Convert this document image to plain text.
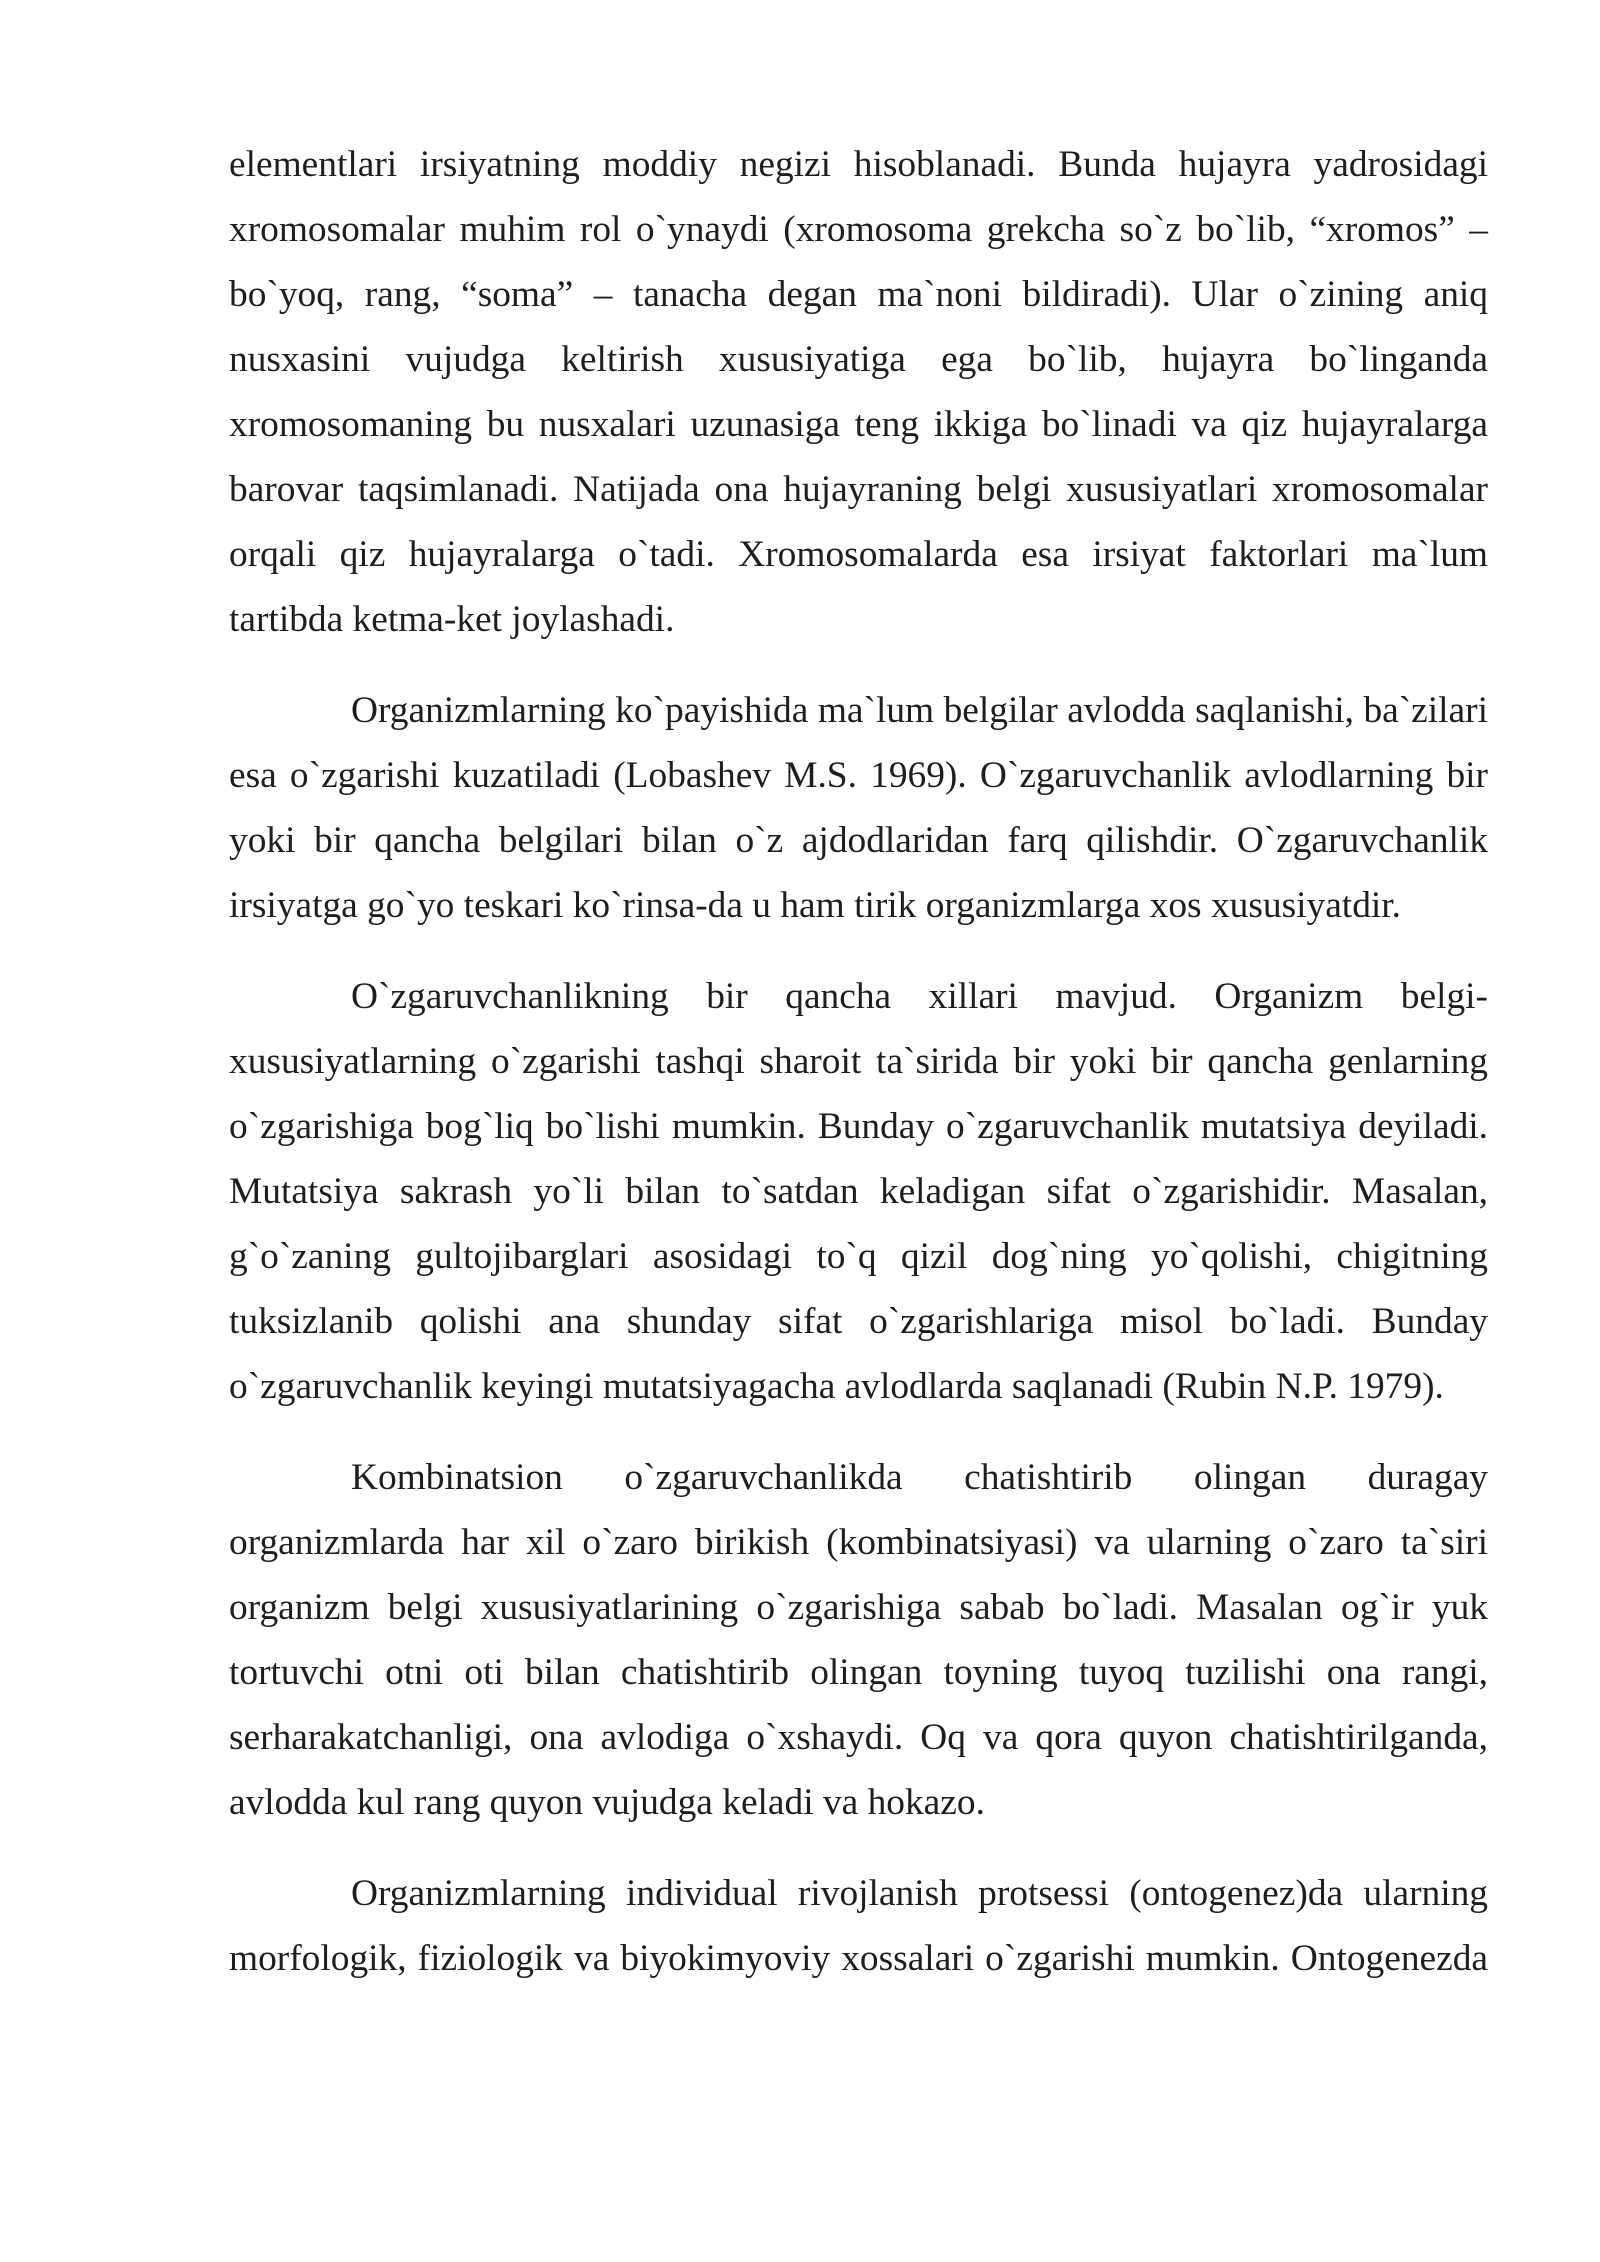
elementlari irsiyatning moddiy negizi hisoblanadi. Bunda hujayra yadrosidagi xromosomalar muhim rol o`ynaydi (xromosoma grekcha so`z bo`lib, “xromos” – bo`yoq, rang, “soma” – tanacha degan ma`noni bildiradi). Ular o`zining aniq nusxasini vujudga keltirish xususiyatiga ega bo`lib, hujayra bo`linganda xromosomaning bu nusxalari uzunasiga teng ikkiga bo`linadi va qiz hujayralarga barovar taqsimlanadi. Natijada ona hujayraning belgi xususiyatlari xromosomalar orqali qiz hujayralarga o`tadi. Xromosomalarda esa irsiyat faktorlari ma`lum tartibda ketma-ket joylashadi.

Organizmlarning ko`payishida ma`lum belgilar avlodda saqlanishi, ba`zilari esa o`zgarishi kuzatiladi (Lobashev M.S. 1969). O`zgaruvchanlik avlodlarning bir yoki bir qancha belgilari bilan o`z ajdodlaridan farq qilishdir. O`zgaruvchanlik irsiyatga go`yo teskari ko`rinsa-da u ham tirik organizmlarga xos xususiyatdir.

O`zgaruvchanlikning bir qancha xillari mavjud. Organizm belgi-xususiyatlarning o`zgarishi tashqi sharoit ta`sirida bir yoki bir qancha genlarning o`zgarishiga bog`liq bo`lishi mumkin. Bunday o`zgaruvchanlik mutatsiya deyiladi. Mutatsiya sakrash yo`li bilan to`satdan keladigan sifat o`zgarishidir. Masalan, g`o`zaning gultojibarglari asosidagi to`q qizil dog`ning yo`qolishi, chigitning tuksizlanib qolishi ana shunday sifat o`zgarishlariga misol bo`ladi. Bunday o`zgaruvchanlik keyingi mutatsiyagacha avlodlarda saqlanadi (Rubin N.P. 1979).

Kombinatsion o`zgaruvchanlikda chatishtirib olingan duragay organizmlarda har xil o`zaro birikish (kombinatsiyasi) va ularning o`zaro ta`siri organizm belgi xususiyatlarining o`zgarishiga sabab bo`ladi. Masalan og`ir yuk tortuvchi otni oti bilan chatishtirib olingan toyning tuyoq tuzilishi ona rangi, serharakatchanligi, ona avlodiga o`xshaydi. Oq va qora quyon chatishtirilganda, avlodda kul rang quyon vujudga keladi va hokazo.

Organizmlarning individual rivojlanish protsessi (ontogenez)da ularning morfologik, fiziologik va biyokimyoviy xossalari o`zgarishi mumkin. Ontogenezda
